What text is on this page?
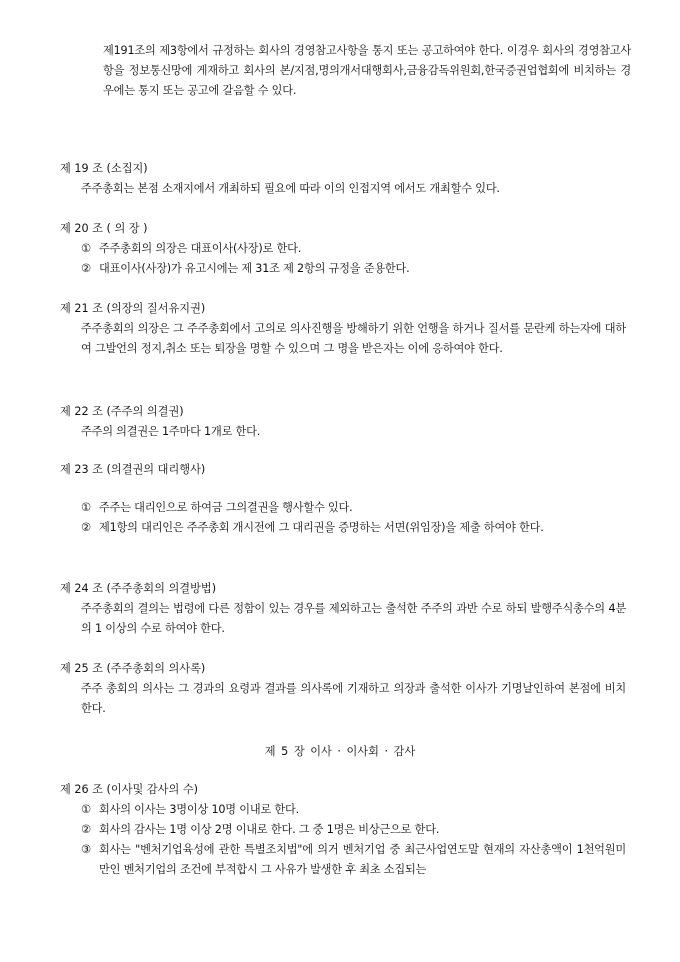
제191조의 제3항에서 규정하는 회사의 경영참고사항을 통지 또는 공고하여야 한다. 이경우 회사의 경영참고사항을 정보통신망에 게재하고 회사의 본/지점,명의개서대행회사,금융감독위원회,한국증권업협회에 비치하는 경우에는 통지 또는 공고에 갈음할 수 있다.

제 19 조 (소집지)

주주총회는 본점 소재지에서 개최하되 필요에 따라 이의 인접지역 에서도 개최할수 있다.

제 20 조 ( 의 장 )

① 주주총회의 의장은 대표이사(사장)로 한다.
② 대표이사(사장)가 유고시에는 제 31조 제 2항의 규정을 준용한다.

제 21 조 (의장의 질서유지권)

주주총회의 의장은 그 주주총회에서 고의로 의사진행을 방해하기 위한 언행을 하거나 질서를 문란케 하는자에 대하여 그발언의 정지,취소 또는 퇴장을 명할 수 있으며 그 명을 받은자는 이에 응하여야 한다.

제 22 조 (주주의 의결권)

주주의 의결권은 1주마다 1개로 한다.

제 23 조 (의결권의 대리행사)

① 주주는 대리인으로 하여금 그의결권을 행사할수 있다.
② 제1항의 대리인은 주주총회 개시전에 그 대리권을 증명하는 서면(위임장)을 제출 하여야 한다.

제 24 조 (주주총회의 의결방법)

주주총회의 결의는 법령에 다른 정함이 있는 경우를 제외하고는 출석한 주주의 과반 수로 하되 발행주식총수의 4분의 1 이상의 수로 하여야 한다.

제 25 조 (주주총회의 의사록)

주주 총회의 의사는 그 경과의 요령과 결과를 의사록에 기재하고 의장과 출석한 이사가 기명날인하여 본점에 비치한다.

제 5 장 이사 · 이사회 · 감사

제 26 조 (이사및 감사의 수)

① 회사의 이사는 3명이상 10명 이내로 한다.
② 회사의 감사는 1명 이상 2명 이내로 한다. 그 중 1명은 비상근으로 한다.
③ 회사는 "벤처기업육성에 관한 특별조치법"에 의거 벤처기업 중 최근사업연도말 현재의 자산총액이 1천억원미만인 벤처기업의 조건에 부적합시 그 사유가 발생한 후 최초 소집되는
